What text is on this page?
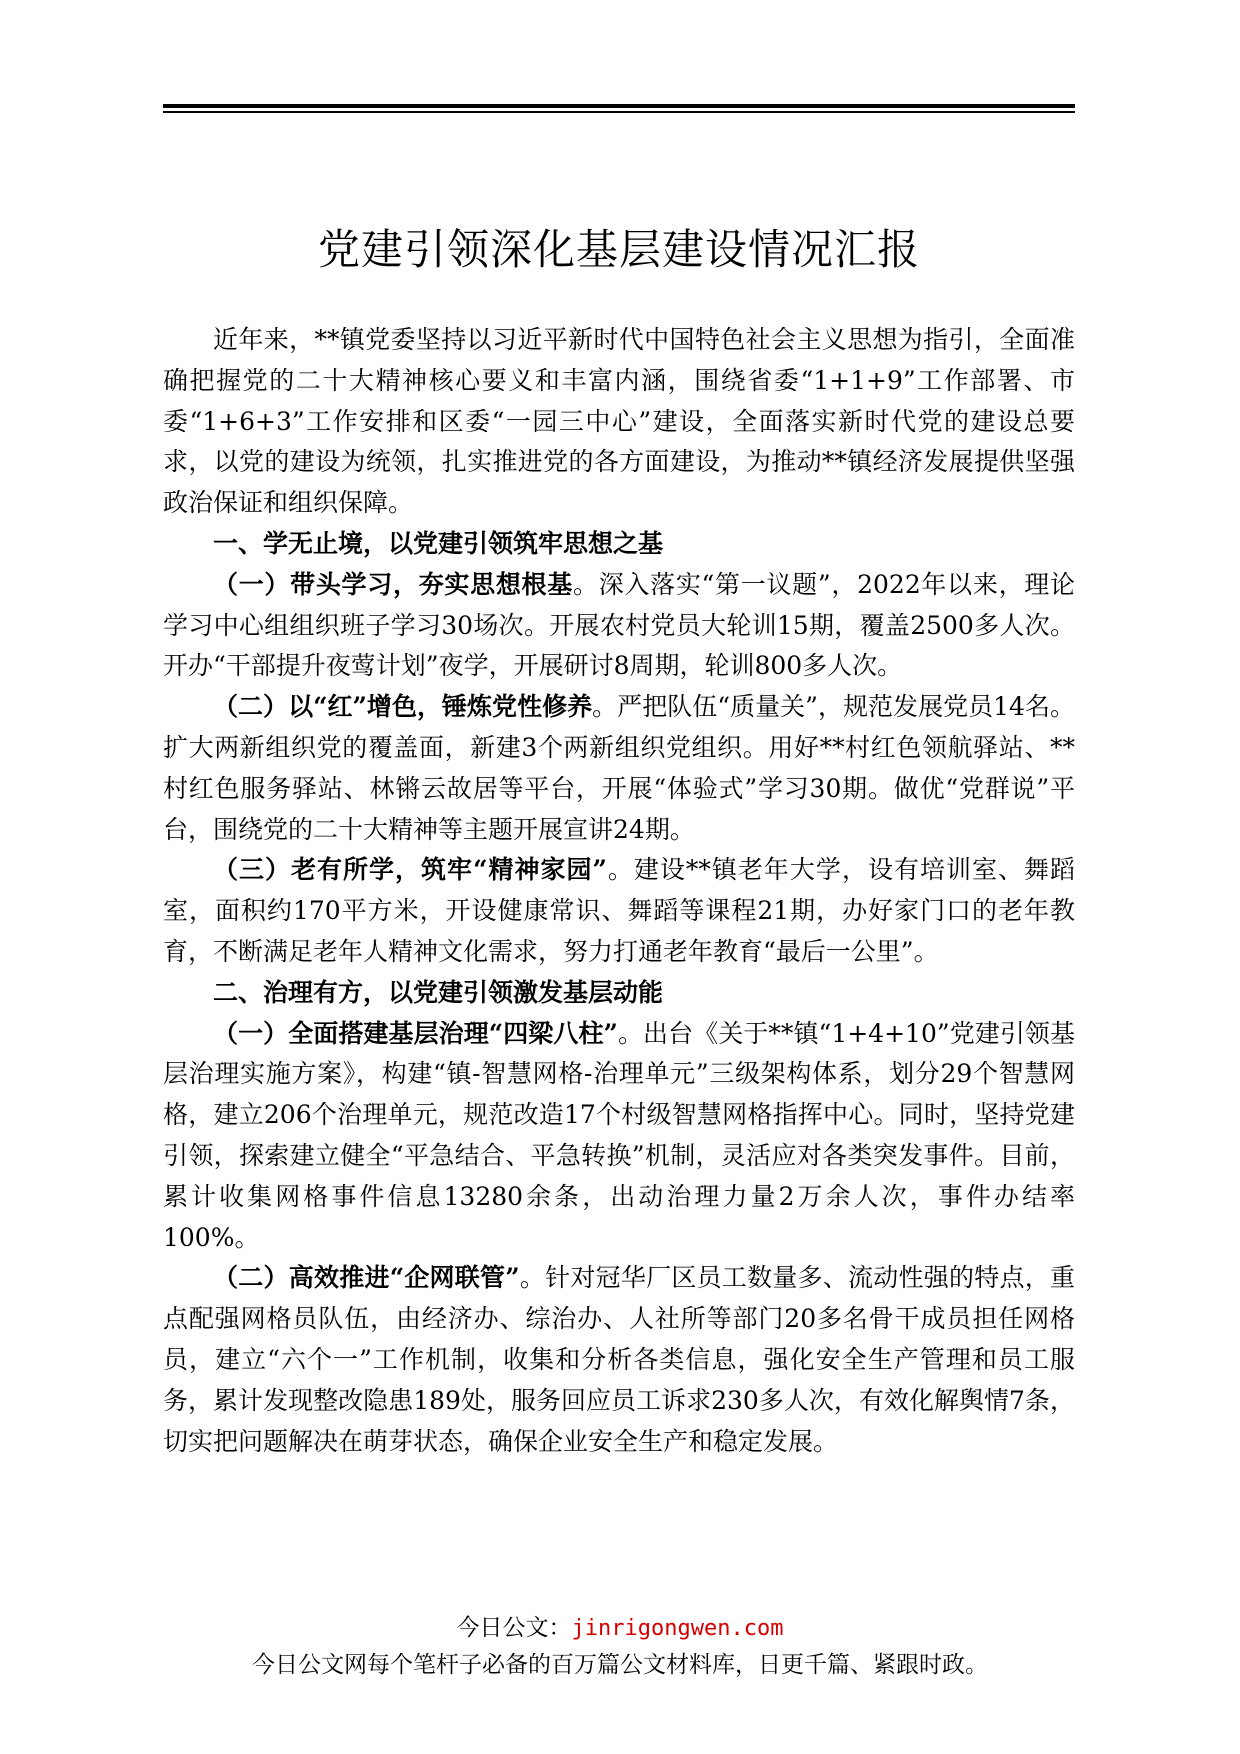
党建引领深化基层建设情况汇报

近年来，**镇党委坚持以习近平新时代中国特色社会主义思想为指引，全面准确把握党的二十大精神核心要义和丰富内涵，围绕省委“1+1+9”工作部署、市委“1+6+3”工作安排和区委“一园三中心”建设，全面落实新时代党的建设总要求，以党的建设为统领，扎实推进党的各方面建设，为推动**镇经济发展提供坚强政治保证和组织保障。

一、学无止境，以党建引领筑牢思想之基

（一）带头学习，夯实思想根基。深入落实“第一议题”，2022年以来，理论学习中心组组织班子学习30场次。开展农村党员大轮训15期，覆盖2500多人次。开办“干部提升夜莺计划”夜学，开展研讨8周期，轮训800多人次。

（二）以“红”增色，锤炼党性修养。严把队伍“质量关”，规范发展党员14名。扩大两新组织党的覆盖面，新建3个两新组织党组织。用好**村红色领航驿站、**村红色服务驿站、林锵云故居等平台，开展“体验式”学习30期。做优“党群说”平台，围绕党的二十大精神等主题开展宣讲24期。

（三）老有所学，筑牢“精神家园”。建设**镇老年大学，设有培训室、舞蹈室，面积约170平方米，开设健康常识、舞蹈等课程21期，办好家门口的老年教育，不断满足老年人精神文化需求，努力打通老年教育“最后一公里”。

二、治理有方，以党建引领激发基层动能

（一）全面搭建基层治理“四梁八柱”。出台《关于**镇“1+4+10”党建引领基层治理实施方案》，构建“镇-智慧网格-治理单元”三级架构体系，划分29个智慧网格，建立206个治理单元，规范改造17个村级智慧网格指挥中心。同时，坚持党建引领，探索建立健全“平急结合、平急转换”机制，灵活应对各类突发事件。目前，累计收集网格事件信息13280余条，出动治理力量2万余人次，事件办结率100%。

（二）高效推进“企网联管”。针对冠华厂区员工数量多、流动性强的特点，重点配强网格员队伍，由经济办、综治办、人社所等部门20多名骨干成员担任网格员，建立“六个一”工作机制，收集和分析各类信息，强化安全生产管理和员工服务，累计发现整改隐患189处，服务回应员工诉求230多人次，有效化解舆情7条，切实把问题解决在萌芽状态，确保企业安全生产和稳定发展。

今日公文：jinrigongwen.com
今日公文网每个笔杆子必备的百万篇公文材料库，日更千篇、紧跟时政。
